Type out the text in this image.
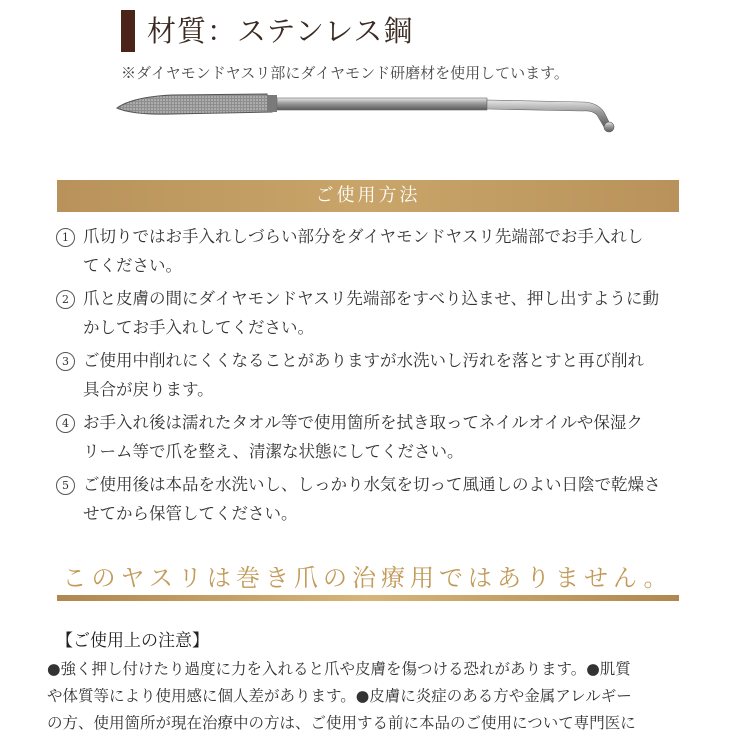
材質：ステンレス鋼
※ダイヤモンドヤスリ部にダイヤモンド研磨材を使用しています。
ご使用方法
1 爪切りではお手入れしづらい部分をダイヤモンドヤスリ先端部でお手入れし
てください。
2 爪と皮膚の間にダイヤモンドヤスリ先端部をすべり込ませ、押し出すように動
かしてお手入れしてください。
3 ご使用中削れにくくなることがありますが水洗いし汚れを落とすと再び削れ
具合が戻ります。
4 お手入れ後は濡れたタオル等で使用箇所を拭き取ってネイルオイルや保湿ク
リーム等で爪を整え、清潔な状態にしてください。
5 ご使用後は本品を水洗いし、しっかり水気を切って風通しのよい日陰で乾燥さ
せてから保管してください。
このヤスリは巻き爪の治療用ではありません。
【ご使用上の注意】
●強く押し付けたり過度に力を入れると爪や皮膚を傷つける恐れがあります。●肌質
や体質等により使用感に個人差があります。●皮膚に炎症のある方や金属アレルギー
の方、使用箇所が現在治療中の方は、ご使用する前に本品のご使用について専門医に
